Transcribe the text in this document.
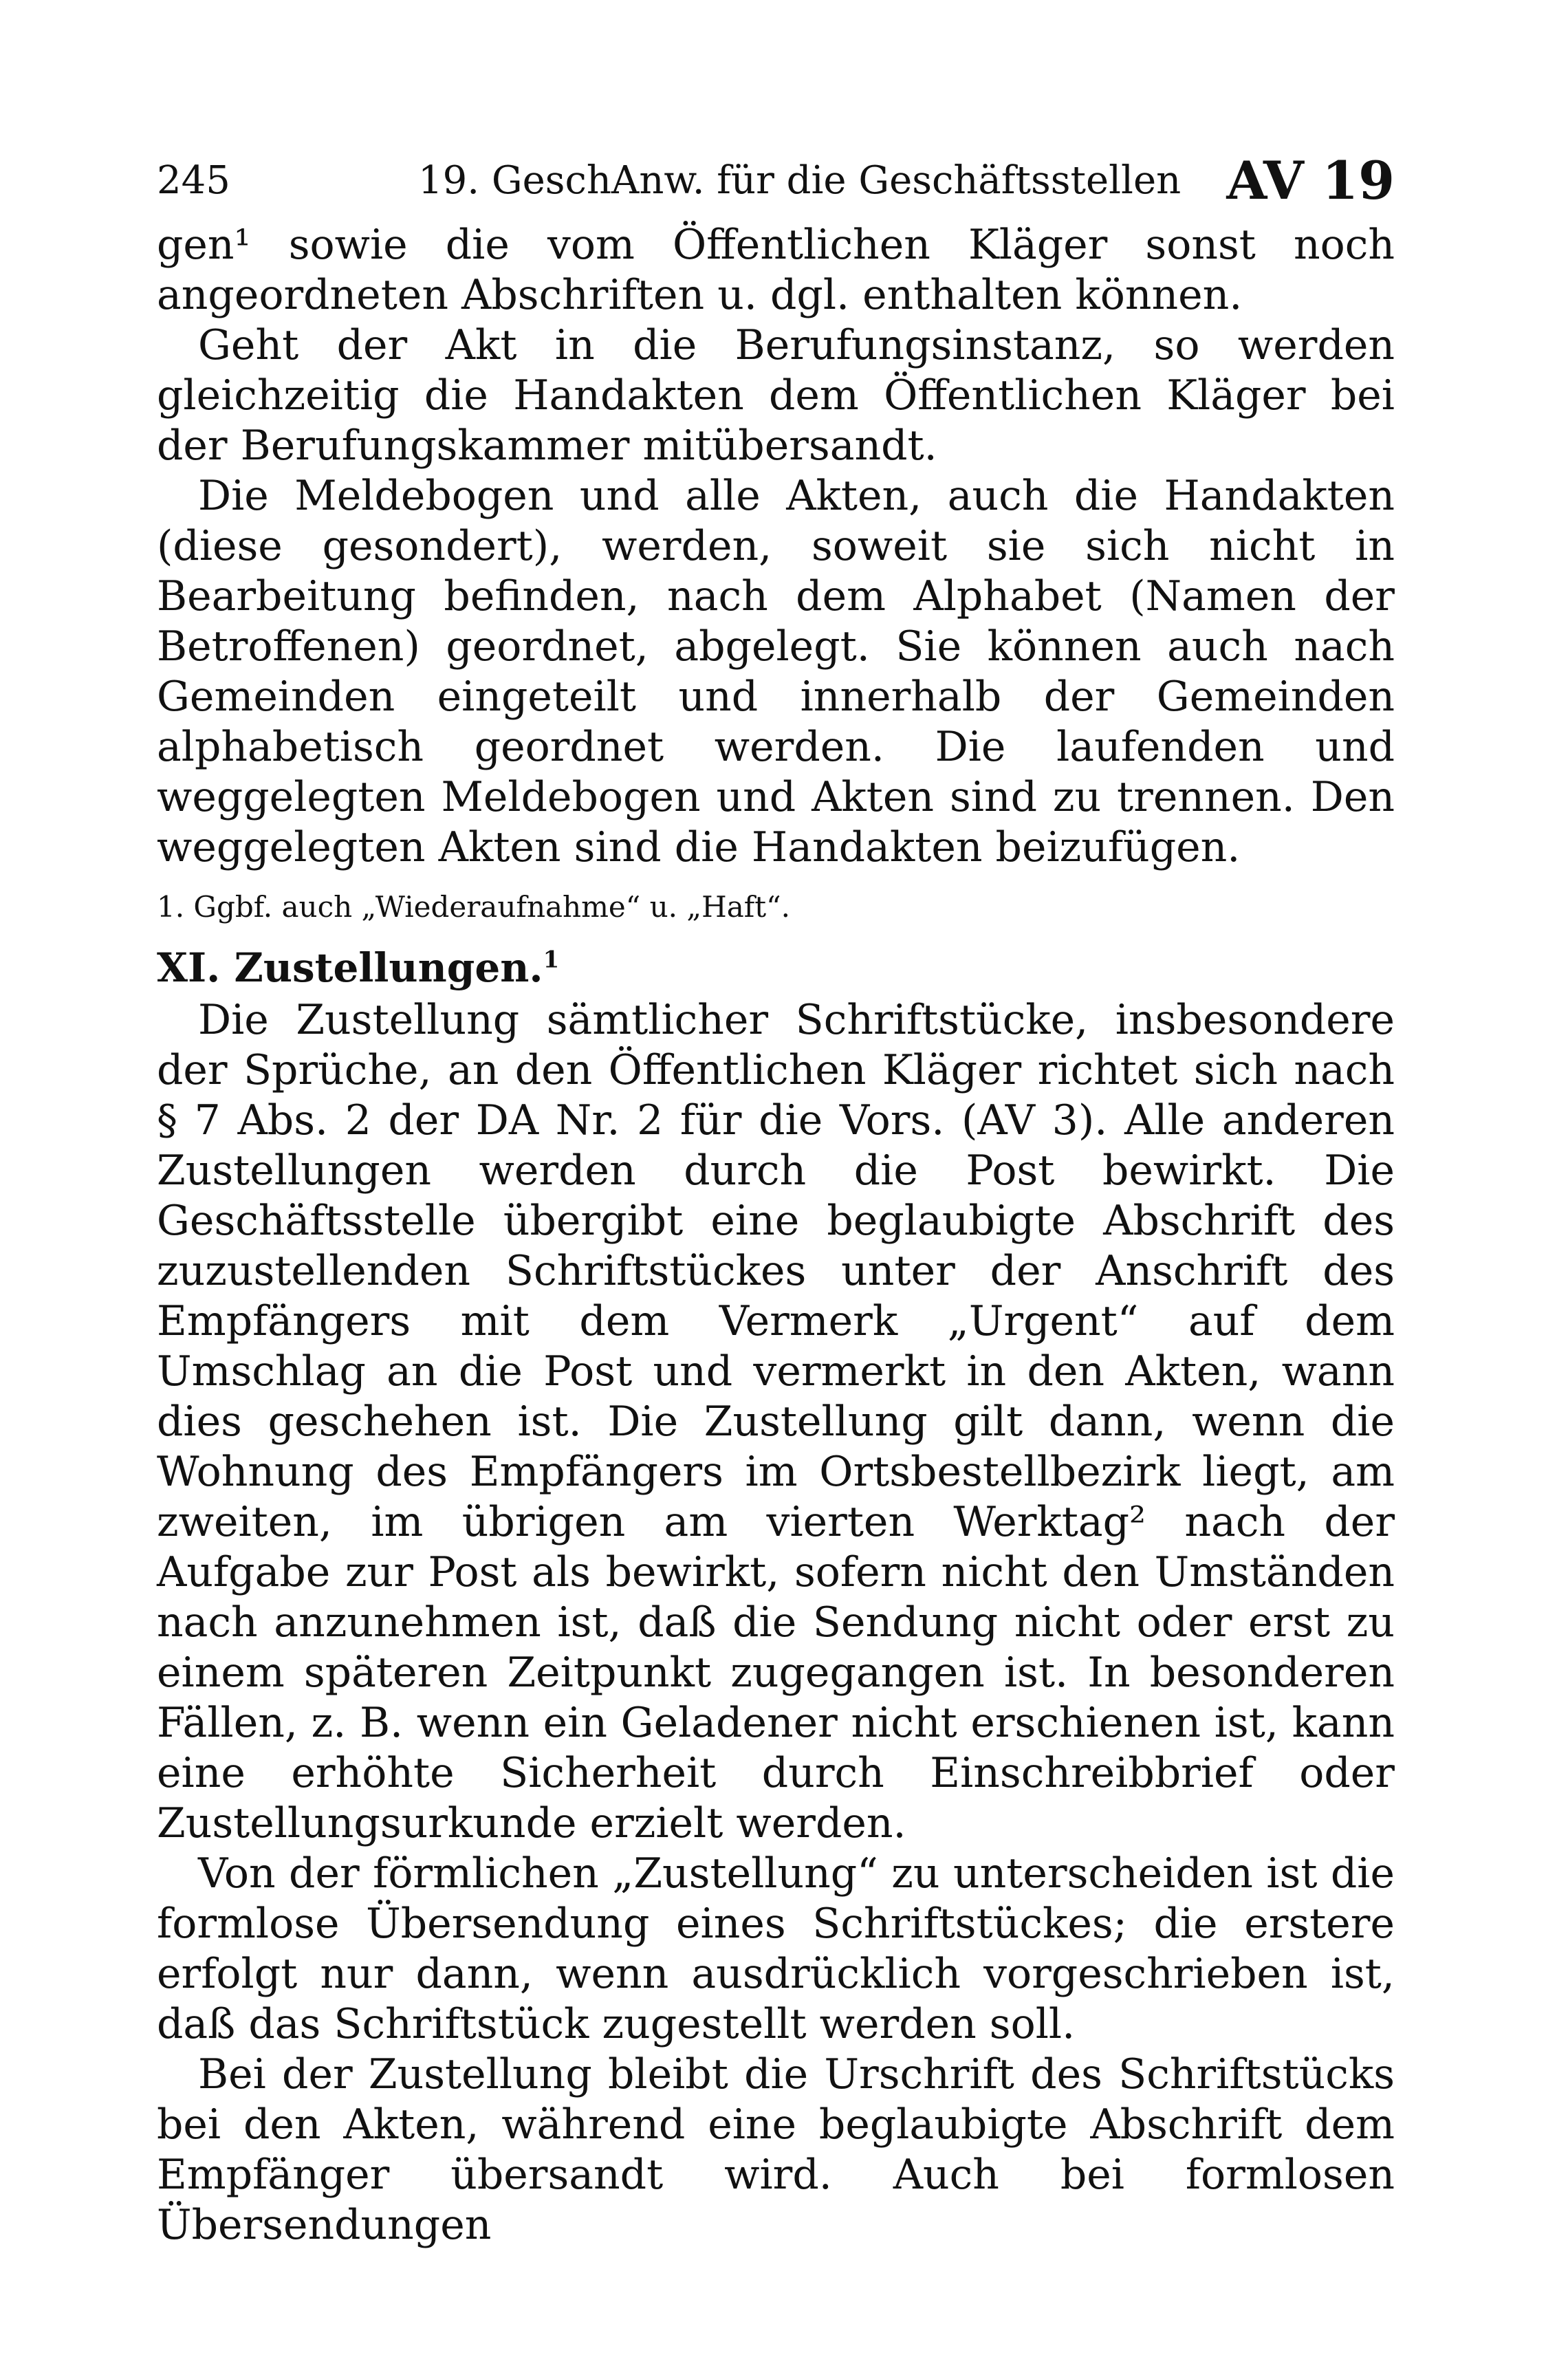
245	19. GeschAnw. für die Geschäftsstellen AV 19

gen¹ sowie die vom Öffentlichen Kläger sonst noch angeordneten Abschriften u. dgl. enthalten können.

Geht der Akt in die Berufungsinstanz, so werden gleichzeitig die Handakten dem Öffentlichen Kläger bei der Berufungskammer mitübersandt.

Die Meldebogen und alle Akten, auch die Handakten (diese gesondert), werden, soweit sie sich nicht in Bearbeitung befinden, nach dem Alphabet (Namen der Betroffenen) geordnet, abgelegt. Sie können auch nach Gemeinden eingeteilt und innerhalb der Gemeinden alphabetisch geordnet werden. Die laufenden und weggelegten Meldebogen und Akten sind zu trennen. Den weggelegten Akten sind die Handakten beizufügen.

1. Ggbf. auch „Wiederaufnahme“ u. „Haft“.
XI. Zustellungen.$^1$

Die Zustellung sämtlicher Schriftstücke, insbesondere der Sprüche, an den Öffentlichen Kläger richtet sich nach § 7 Abs. 2 der DA Nr. 2 für die Vors. (AV 3). Alle anderen Zustellungen werden durch die Post bewirkt. Die Geschäftsstelle übergibt eine beglaubigte Abschrift des zuzustellenden Schriftstückes unter der Anschrift des Empfängers mit dem Vermerk „Urgent“ auf dem Umschlag an die Post und vermerkt in den Akten, wann dies geschehen ist. Die Zustellung gilt dann, wenn die Wohnung des Empfängers im Ortsbestellbezirk liegt, am zweiten, im übrigen am vierten Werktag² nach der Aufgabe zur Post als bewirkt, sofern nicht den Umständen nach anzunehmen ist, daß die Sendung nicht oder erst zu einem späteren Zeitpunkt zugegangen ist. In besonderen Fällen, z. B. wenn ein Geladener nicht erschienen ist, kann eine erhöhte Sicherheit durch Einschreibbrief oder Zustellungsurkunde erzielt werden.

Von der förmlichen „Zustellung“ zu unterscheiden ist die formlose Übersendung eines Schriftstückes; die erstere erfolgt nur dann, wenn ausdrücklich vorgeschrieben ist, daß das Schriftstück zugestellt werden soll.

Bei der Zustellung bleibt die Urschrift des Schriftstücks bei den Akten, während eine beglaubigte Abschrift dem Empfänger übersandt wird. Auch bei formlosen Übersendungen
